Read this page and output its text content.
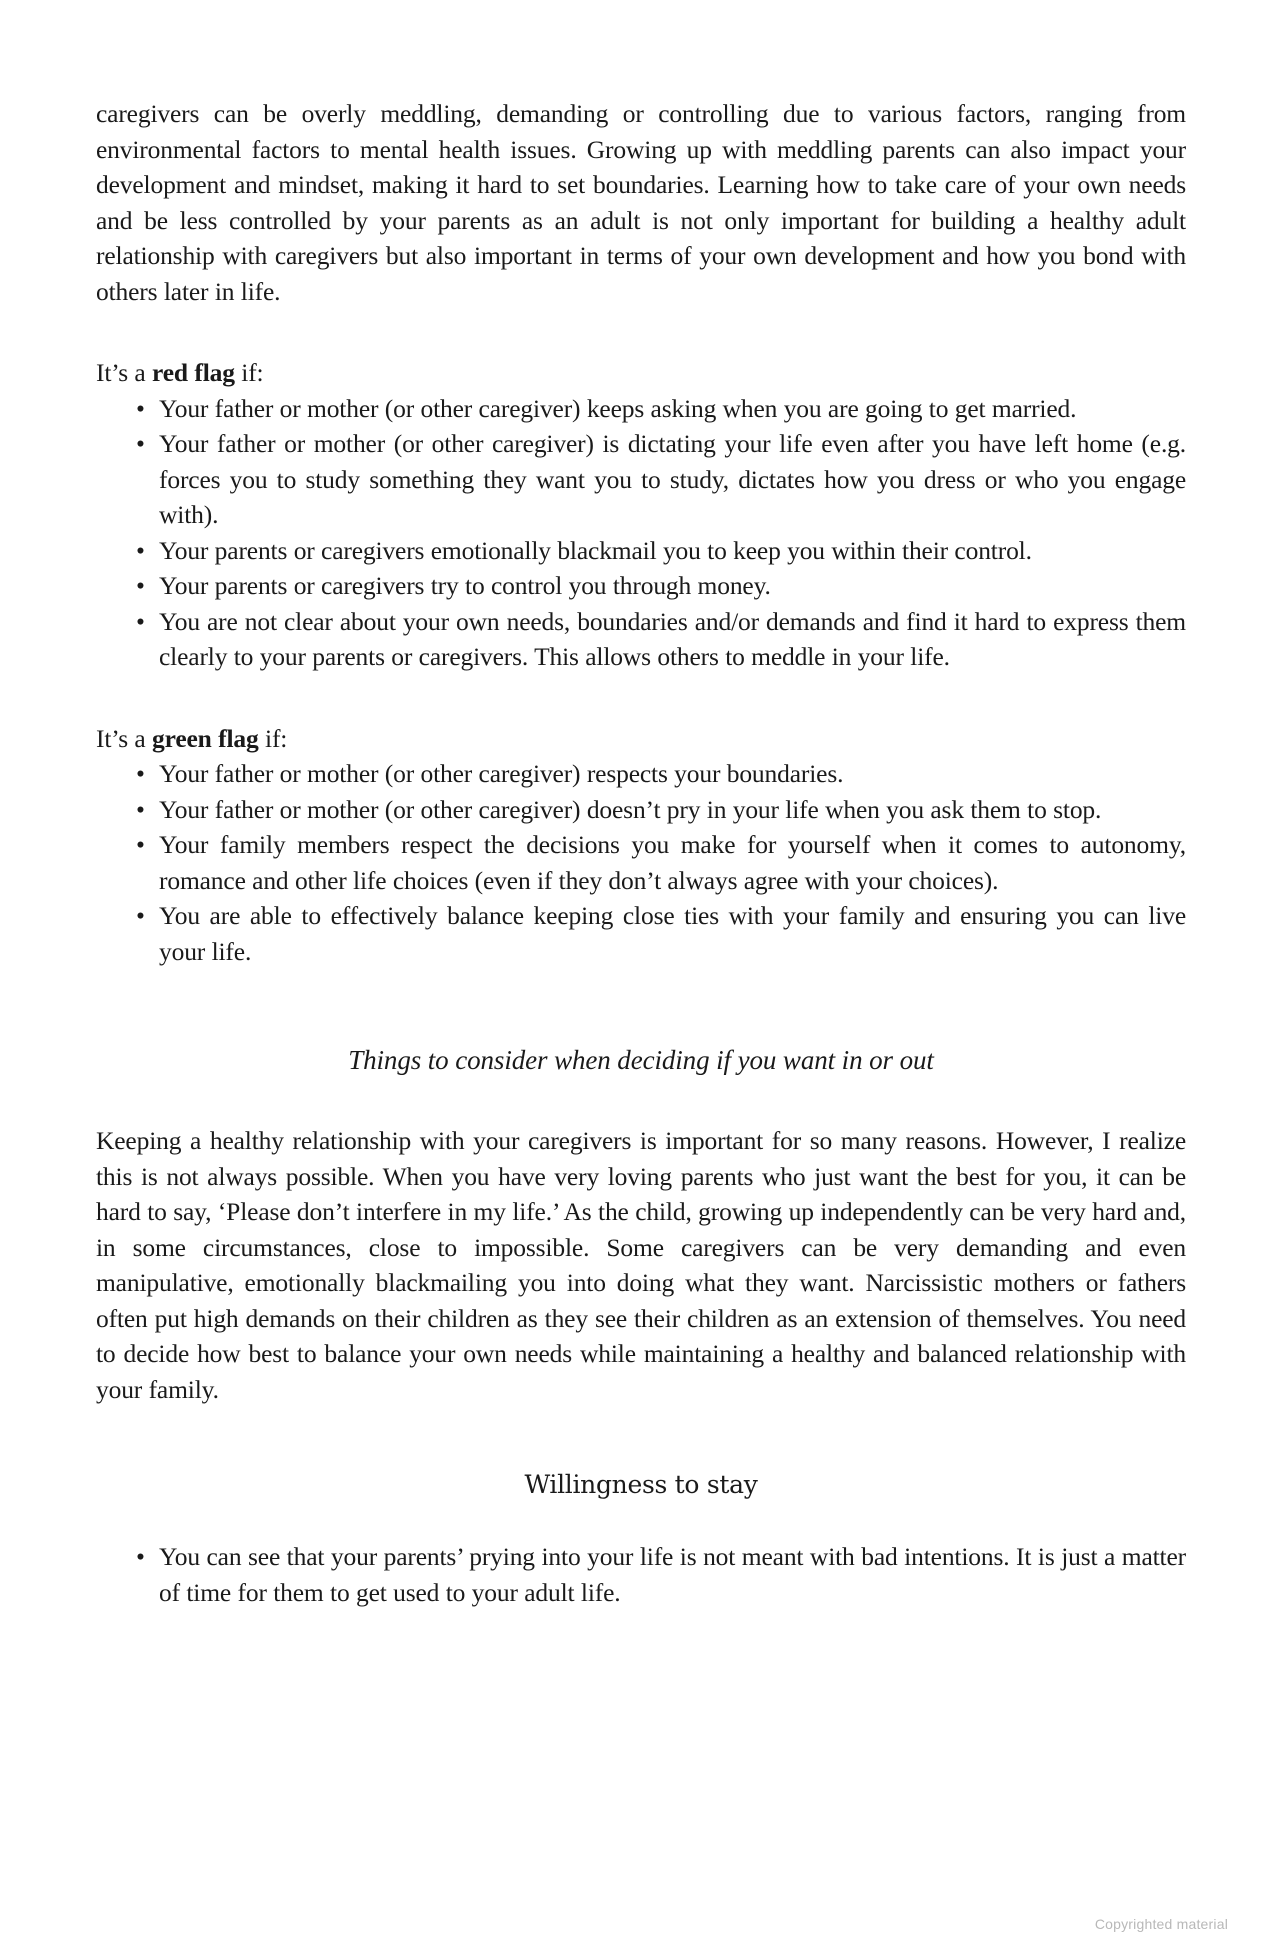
caregivers can be overly meddling, demanding or controlling due to various factors, ranging from environmental factors to mental health issues. Growing up with meddling parents can also impact your development and mindset, making it hard to set boundaries. Learning how to take care of your own needs and be less controlled by your parents as an adult is not only important for building a healthy adult relationship with caregivers but also important in terms of your own development and how you bond with others later in life.

It’s a red flag if:
• Your father or mother (or other caregiver) keeps asking when you are going to get married.
• Your father or mother (or other caregiver) is dictating your life even after you have left home (e.g. forces you to study something they want you to study, dictates how you dress or who you engage with).
• Your parents or caregivers emotionally blackmail you to keep you within their control.
• Your parents or caregivers try to control you through money.
• You are not clear about your own needs, boundaries and/or demands and find it hard to express them clearly to your parents or caregivers. This allows others to meddle in your life.
It’s a green flag if:
• Your father or mother (or other caregiver) respects your boundaries.
• Your father or mother (or other caregiver) doesn’t pry in your life when you ask them to stop.
• Your family members respect the decisions you make for yourself when it comes to autonomy, romance and other life choices (even if they don’t always agree with your choices).
• You are able to effectively balance keeping close ties with your family and ensuring you can live your life.
Things to consider when deciding if you want in or out

Keeping a healthy relationship with your caregivers is important for so many reasons. However, I realize this is not always possible. When you have very loving parents who just want the best for you, it can be hard to say, ‘Please don’t interfere in my life.’ As the child, growing up independently can be very hard and, in some circumstances, close to impossible. Some caregivers can be very demanding and even manipulative, emotionally blackmailing you into doing what they want. Narcissistic mothers or fathers often put high demands on their children as they see their children as an extension of themselves. You need to decide how best to balance your own needs while maintaining a healthy and balanced relationship with your family.

Willingness to stay
• You can see that your parents’ prying into your life is not meant with bad intentions. It is just a matter of time for them to get used to your adult life.
Copyrighted material
